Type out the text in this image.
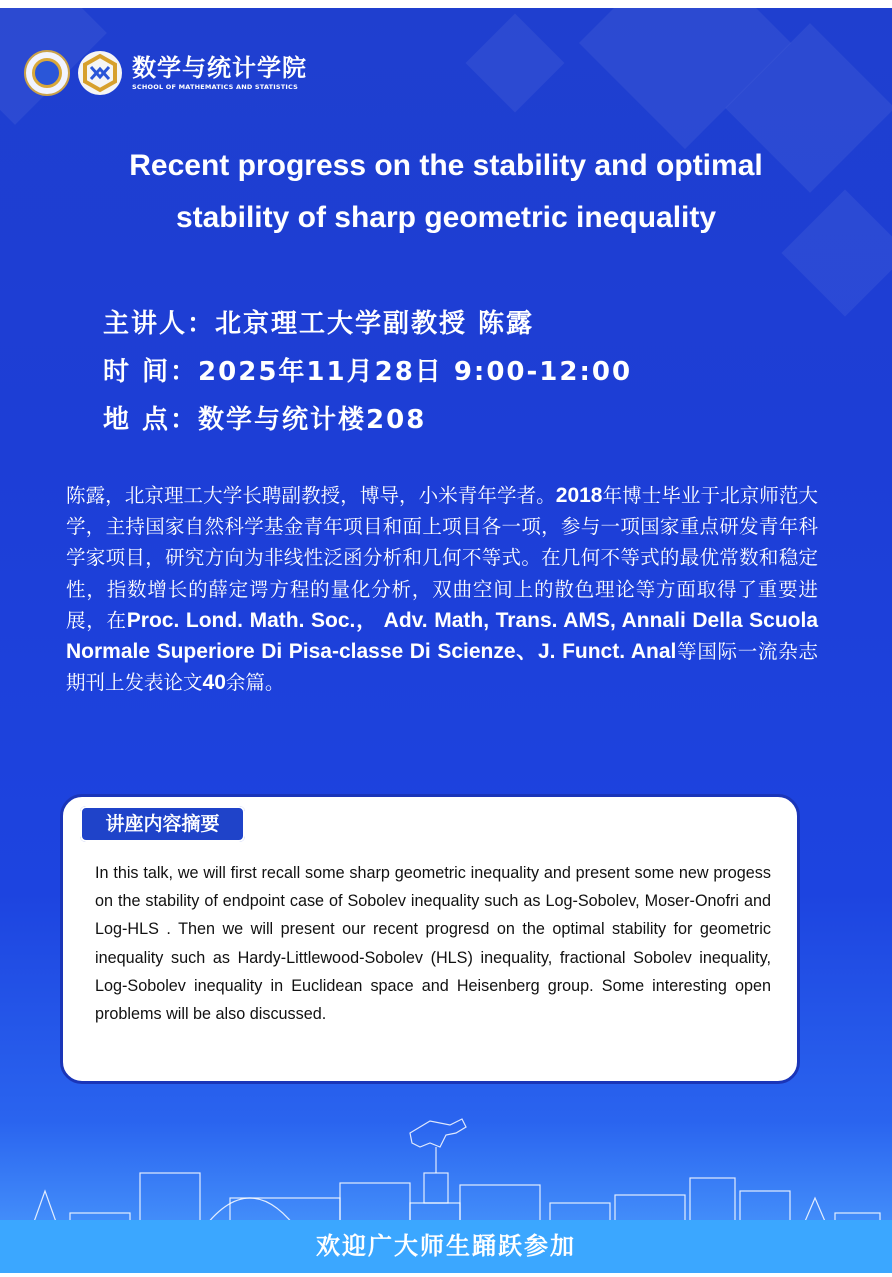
数学与统计学院
SCHOOL OF MATHEMATICS AND STATISTICS
Recent progress on the stability and optimal
stability of sharp geometric inequality
主讲人：北京理工大学副教授 陈露
时 间：2025年11月28日 9:00-12:00
地 点：数学与统计楼208
陈露，北京理工大学长聘副教授，博导，小米青年学者。2018年博士毕业于北京师范大学，主持国家自然科学基金青年项目和面上项目各一项，参与一项国家重点研发青年科学家项目，研究方向为非线性泛函分析和几何不等式。在几何不等式的最优常数和稳定性，指数增长的薛定谔方程的量化分析，双曲空间上的散色理论等方面取得了重要进展，在Proc. Lond. Math. Soc.， Adv. Math, Trans. AMS, Annali Della Scuola Normale Superiore Di Pisa-classe Di Scienze、J. Funct. Anal等国际一流杂志期刊上发表论文40余篇。
讲座内容摘要
In this talk, we will first recall some sharp geometric inequality and present some new progess on the stability of endpoint case of Sobolev inequality such as Log-Sobolev, Moser-Onofri and Log-HLS . Then we will present our recent progresd on the optimal stability for geometric inequality such as Hardy-Littlewood-Sobolev (HLS) inequality, fractional Sobolev inequality, Log-Sobolev inequality in Euclidean space and Heisenberg group. Some interesting open problems will be also discussed.
欢迎广大师生踊跃参加
